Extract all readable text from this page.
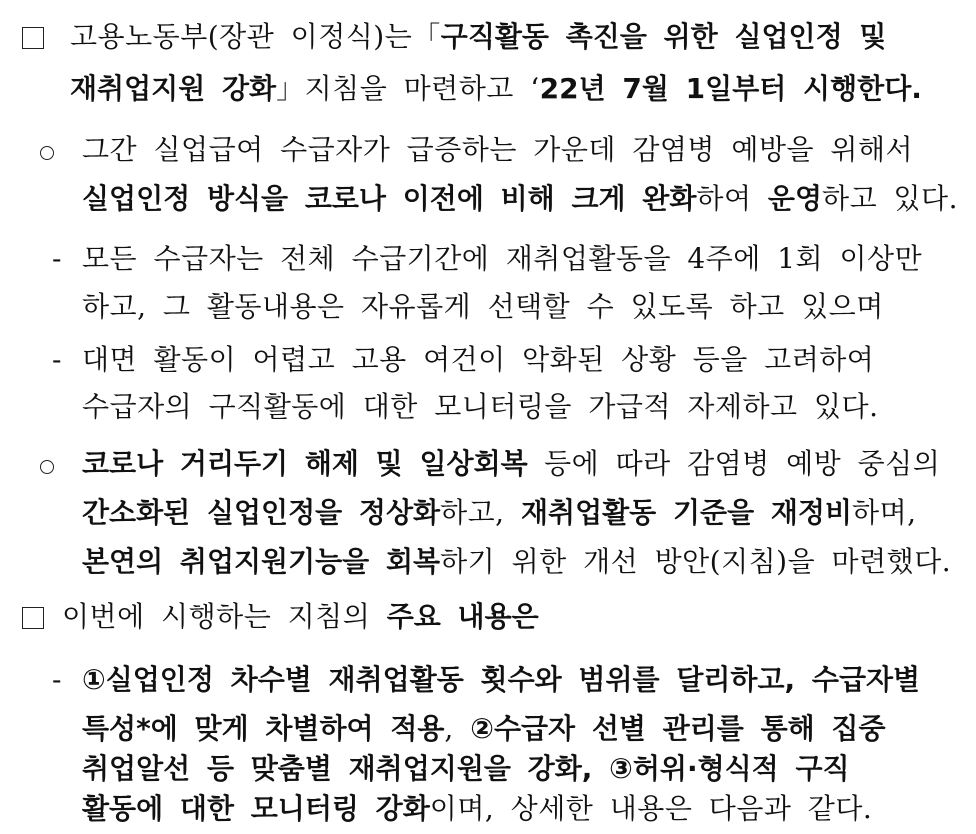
고용노동부(장관 이정식)는「구직활동 촉진을 위한 실업인정 및
재취업지원 강화」지침을 마련하고 ‘22년 7월 1일부터 시행한다.
그간 실업급여 수급자가 급증하는 가운데 감염병 예방을 위해서
실업인정 방식을 코로나 이전에 비해 크게 완화하여 운영하고 있다.
- 모든 수급자는 전체 수급기간에 재취업활동을 4주에 1회 이상만
하고, 그 활동내용은 자유롭게 선택할 수 있도록 하고 있으며
- 대면 활동이 어렵고 고용 여건이 악화된 상황 등을 고려하여
수급자의 구직활동에 대한 모니터링을 가급적 자제하고 있다.
코로나 거리두기 해제 및 일상회복 등에 따라 감염병 예방 중심의
간소화된 실업인정을 정상화하고, 재취업활동 기준을 재정비하며,
본연의 취업지원기능을 회복하기 위한 개선 방안(지침)을 마련했다.
이번에 시행하는 지침의 주요 내용은
- ①실업인정 차수별 재취업활동 횟수와 범위를 달리하고, 수급자별
특성*에 맞게 차별하여 적용, ②수급자 선별 관리를 통해 집중
취업알선 등 맞춤별 재취업지원을 강화, ③허위·형식적 구직
활동에 대한 모니터링 강화이며, 상세한 내용은 다음과 같다.
